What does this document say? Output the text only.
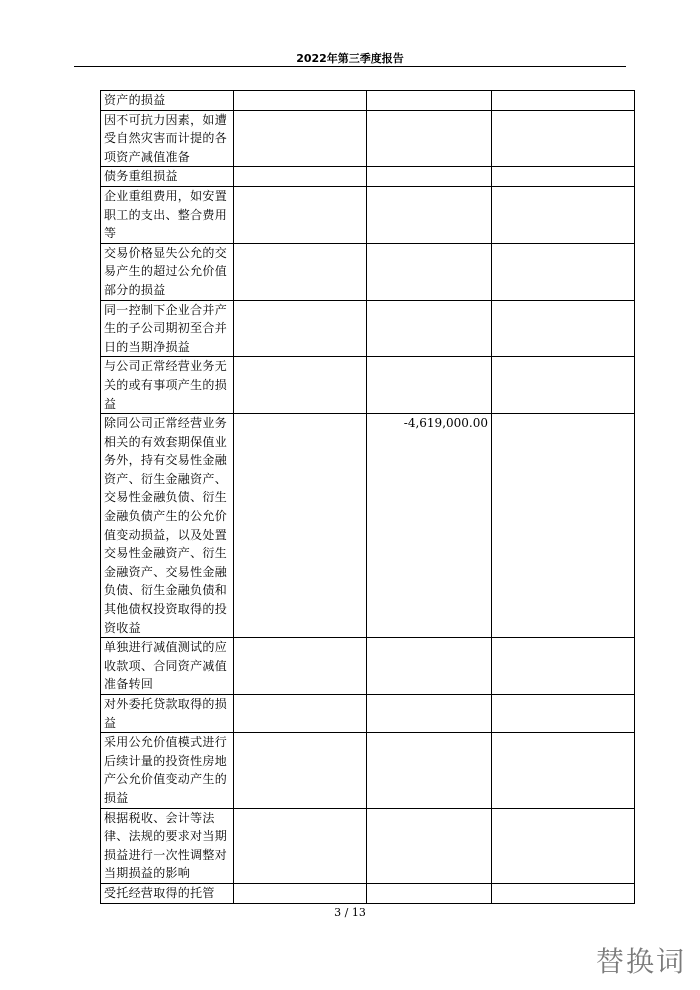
2022年第三季度报告
资产的损益			
因不可抗力因素，如遭受自然灾害而计提的各项资产减值准备			
债务重组损益			
企业重组费用，如安置职工的支出、整合费用等			
交易价格显失公允的交易产生的超过公允价值部分的损益			
同一控制下企业合并产生的子公司期初至合并日的当期净损益			
与公司正常经营业务无关的或有事项产生的损益			
除同公司正常经营业务相关的有效套期保值业务外，持有交易性金融资产、衍生金融资产、交易性金融负债、衍生金融负债产生的公允价值变动损益，以及处置交易性金融资产、衍生金融资产、交易性金融负债、衍生金融负债和其他债权投资取得的投资收益		-4,619,000.00	
单独进行减值测试的应收款项、合同资产减值准备转回			
对外委托贷款取得的损益			
采用公允价值模式进行后续计量的投资性房地产公允价值变动产生的损益			
根据税收、会计等法律、法规的要求对当期损益进行一次性调整对当期损益的影响			
受托经营取得的托管			
3 / 13
替换词
